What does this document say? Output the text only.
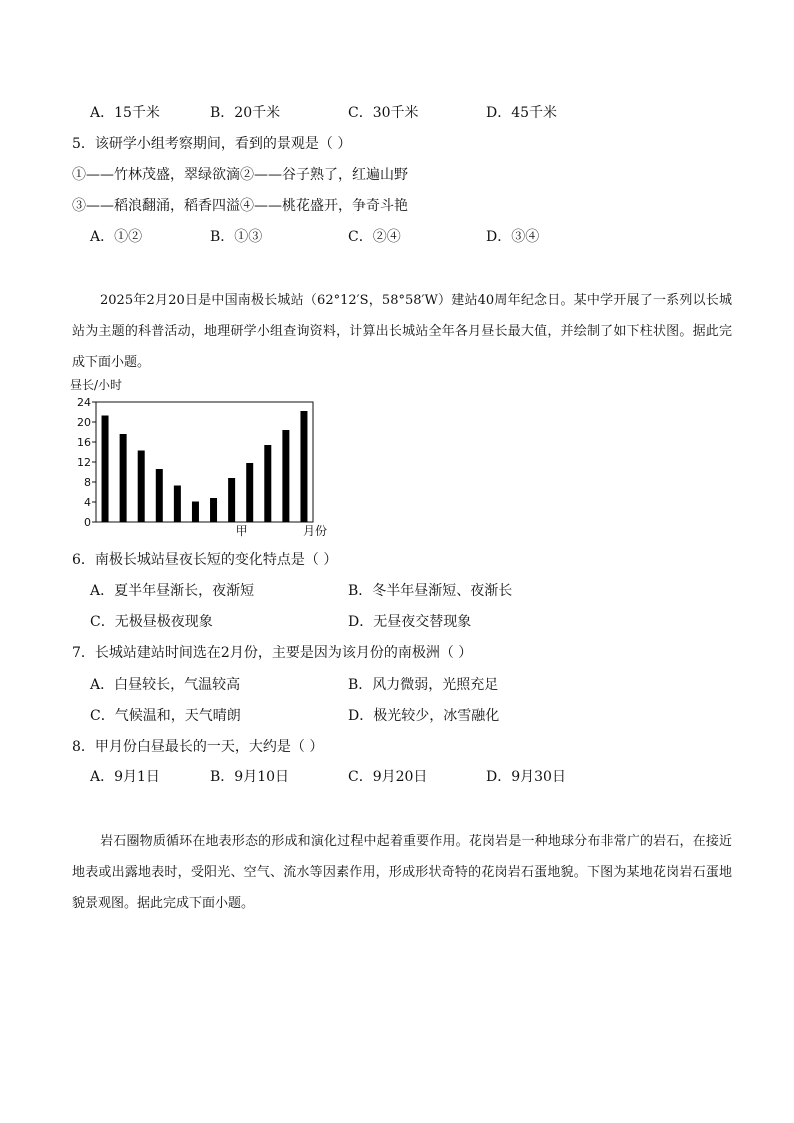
A．15千米	B．20千米	C．30千米	D．45千米
5．该研学小组考察期间，看到的景观是（ ）
①——竹林茂盛，翠绿欲滴②——谷子熟了，红遍山野
③——稻浪翻涌，稻香四溢④——桃花盛开，争奇斗艳
A．①②	B．①③	C．②④	D．③④
2025年2月20日是中国南极长城站（62°12′S，58°58′W）建站40周年纪念日。某中学开展了一系列以长城站为主题的科普活动，地理研学小组查询资料，计算出长城站全年各月昼长最大值，并绘制了如下柱状图。据此完成下面小题。
昼长/小时
0
4
8
12
16
20
24
甲	月份
6．南极长城站昼夜长短的变化特点是（ ）
A．夏半年昼渐长，夜渐短	B．冬半年昼渐短、夜渐长
C．无极昼极夜现象	D．无昼夜交替现象
7．长城站建站时间选在2月份，主要是因为该月份的南极洲（ ）
A．白昼较长，气温较高	B．风力微弱，光照充足
C．气候温和，天气晴朗	D．极光较少，冰雪融化
8．甲月份白昼最长的一天，大约是（ ）
A．9月1日	B．9月10日	C．9月20日	D．9月30日
岩石圈物质循环在地表形态的形成和演化过程中起着重要作用。花岗岩是一种地球分布非常广的岩石，在接近地表或出露地表时，受阳光、空气、流水等因素作用，形成形状奇特的花岗岩石蛋地貌。下图为某地花岗岩石蛋地貌景观图。据此完成下面小题。
